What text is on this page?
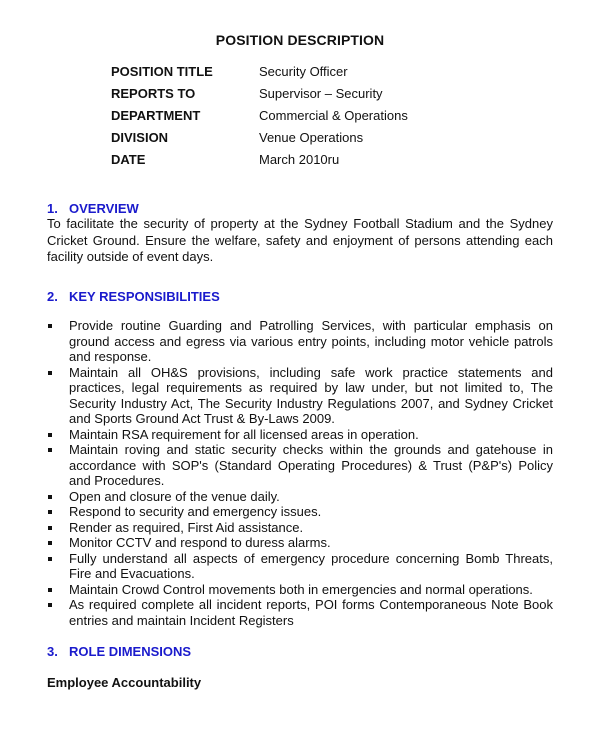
POSITION DESCRIPTION
POSITION TITLE	Security Officer
REPORTS TO	Supervisor – Security
DEPARTMENT	Commercial & Operations
DIVISION	Venue Operations
DATE	March 2010ru
1. OVERVIEW
To facilitate the security of property at the Sydney Football Stadium and the Sydney Cricket Ground. Ensure the welfare, safety and enjoyment of persons attending each facility outside of event days.
2. KEY RESPONSIBILITIES
Provide routine Guarding and Patrolling Services, with particular emphasis on ground access and egress via various entry points, including motor vehicle patrols and response.
Maintain all OH&S provisions, including safe work practice statements and practices, legal requirements as required by law under, but not limited to, The Security Industry Act, The Security Industry Regulations 2007, and Sydney Cricket and Sports Ground Act Trust & By-Laws 2009.
Maintain RSA requirement for all licensed areas in operation.
Maintain roving and static security checks within the grounds and gatehouse in accordance with SOP's (Standard Operating Procedures) & Trust (P&P's) Policy and Procedures.
Open and closure of the venue daily.
Respond to security and emergency issues.
Render as required, First Aid assistance.
Monitor CCTV and respond to duress alarms.
Fully understand all aspects of emergency procedure concerning Bomb Threats, Fire and Evacuations.
Maintain Crowd Control movements both in emergencies and normal operations.
As required complete all incident reports, POI forms Contemporaneous Note Book entries and maintain Incident Registers
3. ROLE DIMENSIONS
Employee Accountability
